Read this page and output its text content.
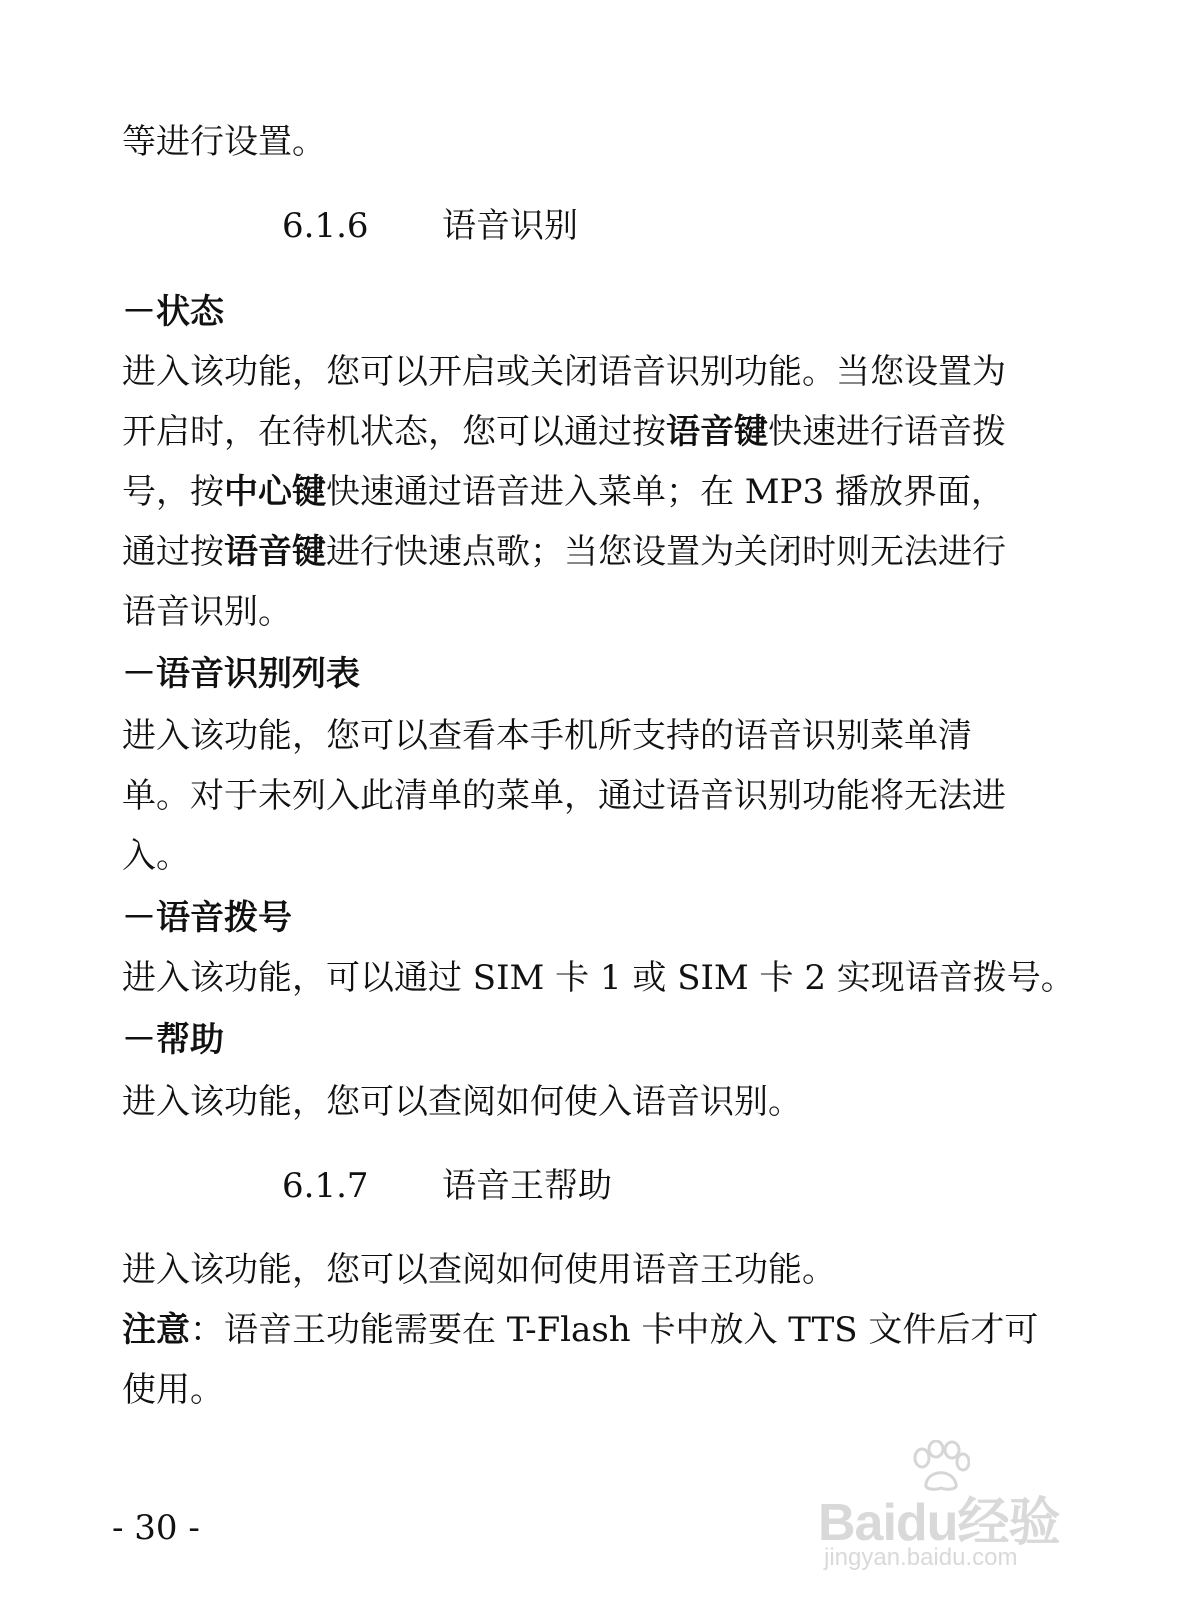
等进行设置。
6.1.6 语音识别
－状态
进入该功能，您可以开启或关闭语音识别功能。当您设置为
开启时，在待机状态，您可以通过按语音键快速进行语音拨
号，按中心键快速通过语音进入菜单；在 MP3 播放界面，
通过按语音键进行快速点歌；当您设置为关闭时则无法进行
语音识别。
－语音识别列表
进入该功能，您可以查看本手机所支持的语音识别菜单清
单。对于未列入此清单的菜单，通过语音识别功能将无法进
入。
－语音拨号
进入该功能，可以通过 SIM 卡 1 或 SIM 卡 2 实现语音拨号。
－帮助
进入该功能，您可以查阅如何使入语音识别。
6.1.7 语音王帮助
进入该功能，您可以查阅如何使用语音王功能。
注意：语音王功能需要在 T-Flash 卡中放入 TTS 文件后才可
使用。
- 30 -	Baidu经验
jingyan.baidu.com
